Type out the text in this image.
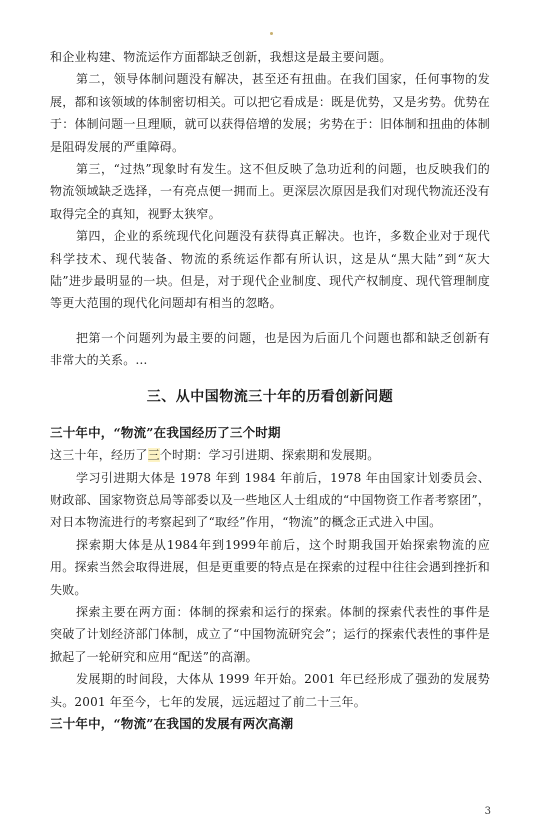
和企业构建、物流运作方面都缺乏创新，我想这是最主要问题。

第二，领导体制问题没有解决，甚至还有扭曲。在我们国家，任何事物的发展，都和该领域的体制密切相关。可以把它看成是：既是优势，又是劣势。优势在于：体制问题一旦理顺，就可以获得倍增的发展；劣势在于：旧体制和扭曲的体制是阻碍发展的严重障碍。

第三，“过热”现象时有发生。这不但反映了急功近利的问题，也反映我们的物流领域缺乏选择，一有亮点便一拥而上。更深层次原因是我们对现代物流还没有取得完全的真知，视野太狭窄。

第四，企业的系统现代化问题没有获得真正解决。也许，多数企业对于现代科学技术、现代装备、物流的系统运作都有所认识，这是从“黑大陆”到“灰大陆”进步最明显的一块。但是，对于现代企业制度、现代产权制度、现代管理制度等更大范围的现代化问题却有相当的忽略。

把第一个问题列为最主要的问题，也是因为后面几个问题也都和缺乏创新有非常大的关系。…

三、从中国物流三十年的历看创新问题

三十年中，“物流”在我国经历了三个时期

这三十年，经历了三个时期：学习引进期、探索期和发展期。

学习引进期大体是 1978 年到 1984 年前后，1978 年由国家计划委员会、财政部、国家物资总局等部委以及一些地区人士组成的“中国物资工作者考察团”，对日本物流进行的考察起到了“取经”作用，“物流”的概念正式进入中国。

探索期大体是从1984年到1999年前后，这个时期我国开始探索物流的应用。探索当然会取得进展，但是更重要的特点是在探索的过程中往往会遇到挫折和失败。

探索主要在两方面：体制的探索和运行的探索。体制的探索代表性的事件是突破了计划经济部门体制，成立了“中国物流研究会”；运行的探索代表性的事件是掀起了一轮研究和应用“配送”的高潮。

发展期的时间段，大体从 1999 年开始。2001 年已经形成了强劲的发展势头。2001 年至今，七年的发展，远远超过了前二十三年。

三十年中，“物流”在我国的发展有两次高潮

3
